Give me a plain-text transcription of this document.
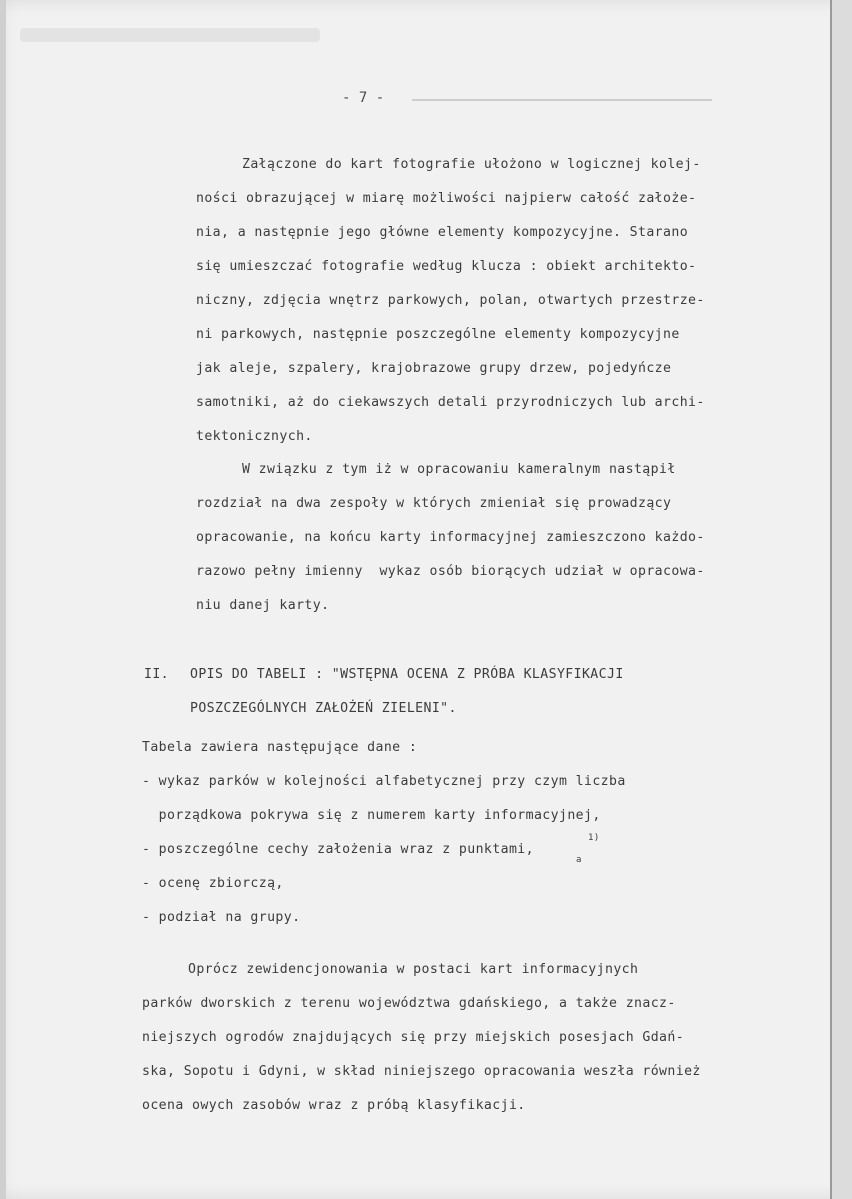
- 7 -
Załączone do kart fotografie ułożono w logicznej kolej-
ności obrazującej w miarę możliwości najpierw całość założe-
nia, a następnie jego główne elementy kompozycyjne. Starano
się umieszczać fotografie według klucza : obiekt architekto-
niczny, zdjęcia wnętrz parkowych, polan, otwartych przestrze-
ni parkowych, następnie poszczególne elementy kompozycyjne
jak aleje, szpalery, krajobrazowe grupy drzew, pojedyńcze
samotniki, aż do ciekawszych detali przyrodniczych lub archi-
tektonicznych.
W związku z tym iż w opracowaniu kameralnym nastąpił
rozdział na dwa zespoły w których zmieniał się prowadzący
opracowanie, na końcu karty informacyjnej zamieszczono każdo-
razowo pełny imienny  wykaz osób biorących udział w opracowa-
niu danej karty.
II. OPIS DO TABELI : "WSTĘPNA OCENA Z PRÓBA KLASYFIKACJI
POSZCZEGÓLNYCH ZAŁOŻEŃ ZIELENI".
Tabela zawiera następujące dane :
- wykaz parków w kolejności alfabetycznej przy czym liczba
porządkowa pokrywa się z numerem karty informacyjnej,
- poszczególne cechy założenia wraz z punktami,
1)
a
- ocenę zbiorczą,
- podział na grupy.
Oprócz zewidencjonowania w postaci kart informacyjnych
parków dworskich z terenu województwa gdańskiego, a także znacz-
niejszych ogrodów znajdujących się przy miejskich posesjach Gdań-
ska, Sopotu i Gdyni, w skład niniejszego opracowania weszła również
ocena owych zasobów wraz z próbą klasyfikacji.
